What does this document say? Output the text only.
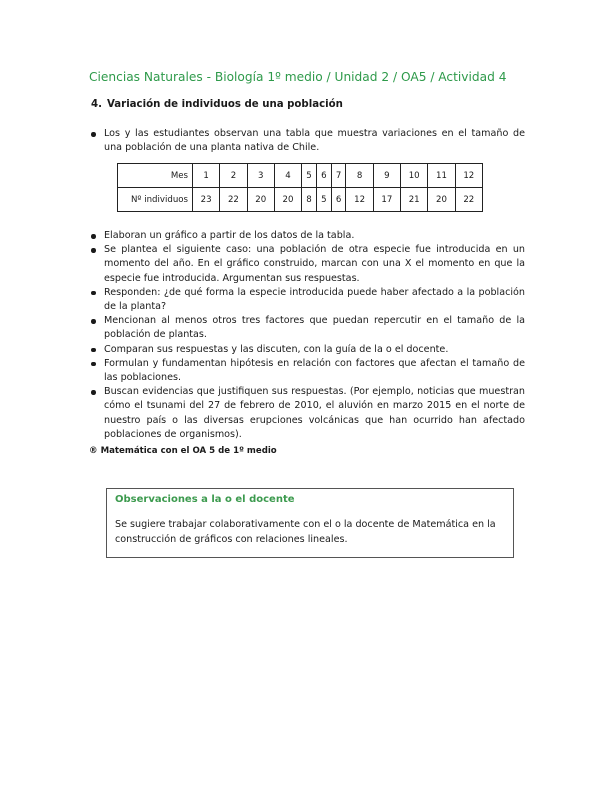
Ciencias Naturales - Biología 1º medio / Unidad 2 / OA5 / Actividad 4
4. Variación de individuos de una población
Los y las estudiantes observan una tabla que muestra variaciones en el tamaño de una población de una planta nativa de Chile.
Mes	1	2	3	4	5	6	7	8	9	10	11	12
Nº individuos	23	22	20	20	8	5	6	12	17	21	20	22
Elaboran un gráfico a partir de los datos de la tabla.
Se plantea el siguiente caso: una población de otra especie fue introducida en un momento del año. En el gráfico construido, marcan con una X el momento en que la especie fue introducida. Argumentan sus respuestas.
Responden: ¿de qué forma la especie introducida puede haber afectado a la población de la planta?
Mencionan al menos otros tres factores que puedan repercutir en el tamaño de la población de plantas.
Comparan sus respuestas y las discuten, con la guía de la o el docente.
Formulan y fundamentan hipótesis en relación con factores que afectan el tamaño de las poblaciones.
Buscan evidencias que justifiquen sus respuestas. (Por ejemplo, noticias que muestran cómo el tsunami del 27 de febrero de 2010, el aluvión en marzo 2015 en el norte de nuestro país o las diversas erupciones volcánicas que han ocurrido han afectado poblaciones de organismos).
® Matemática con el OA 5 de 1º medio
Observaciones a la o el docente
Se sugiere trabajar colaborativamente con el o la docente de Matemática en la construcción de gráficos con relaciones lineales.
